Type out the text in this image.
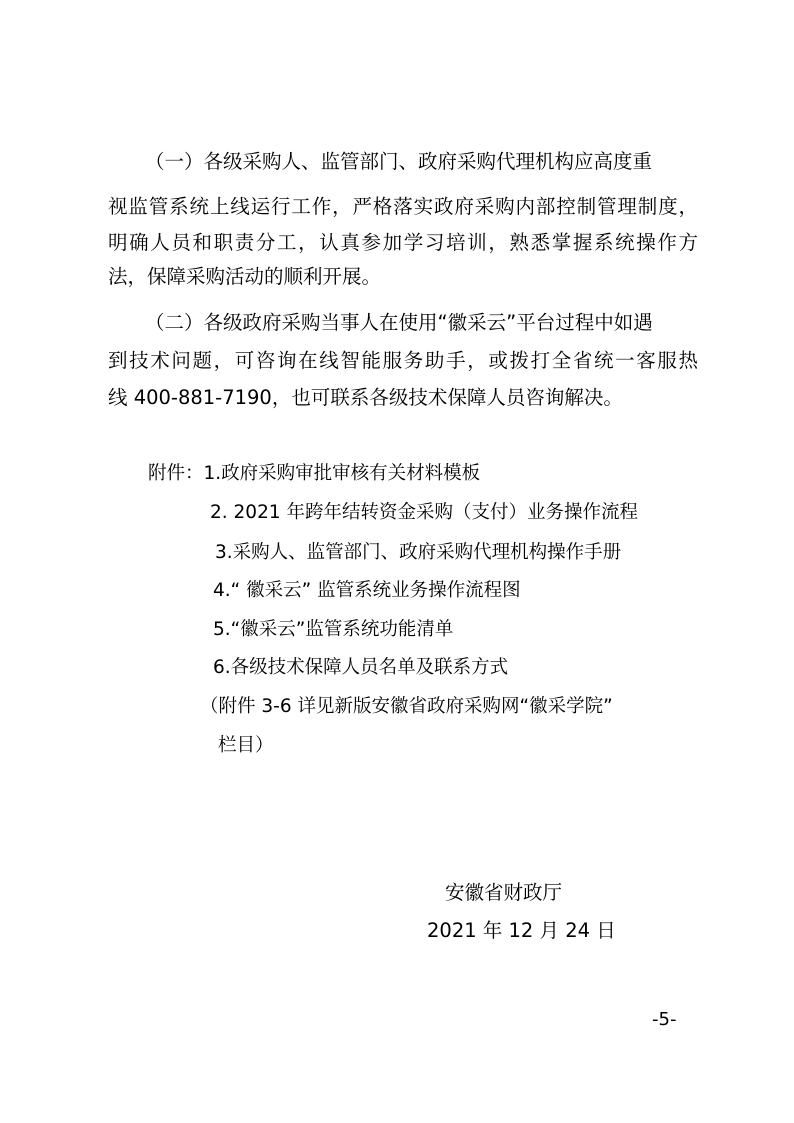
（一）各级采购人、监管部门、政府采购代理机构应高度重
视监管系统上线运行工作，严格落实政府采购内部控制管理制度，
明确人员和职责分工，认真参加学习培训，熟悉掌握系统操作方
法，保障采购活动的顺利开展。
（二）各级政府采购当事人在使用“徽采云”平台过程中如遇
到技术问题，可咨询在线智能服务助手，或拨打全省统一客服热
线 400-881-7190，也可联系各级技术保障人员咨询解决。
附件：1.政府采购审批审核有关材料模板
2. 2021 年跨年结转资金采购（支付）业务操作流程
3.采购人、监管部门、政府采购代理机构操作手册
4.“ 徽采云” 监管系统业务操作流程图
5.“徽采云”监管系统功能清单
6.各级技术保障人员名单及联系方式
（附件 3-6 详见新版安徽省政府采购网“徽采学院”
栏目）
安徽省财政厅
2021 年 12 月 24 日
-5-
